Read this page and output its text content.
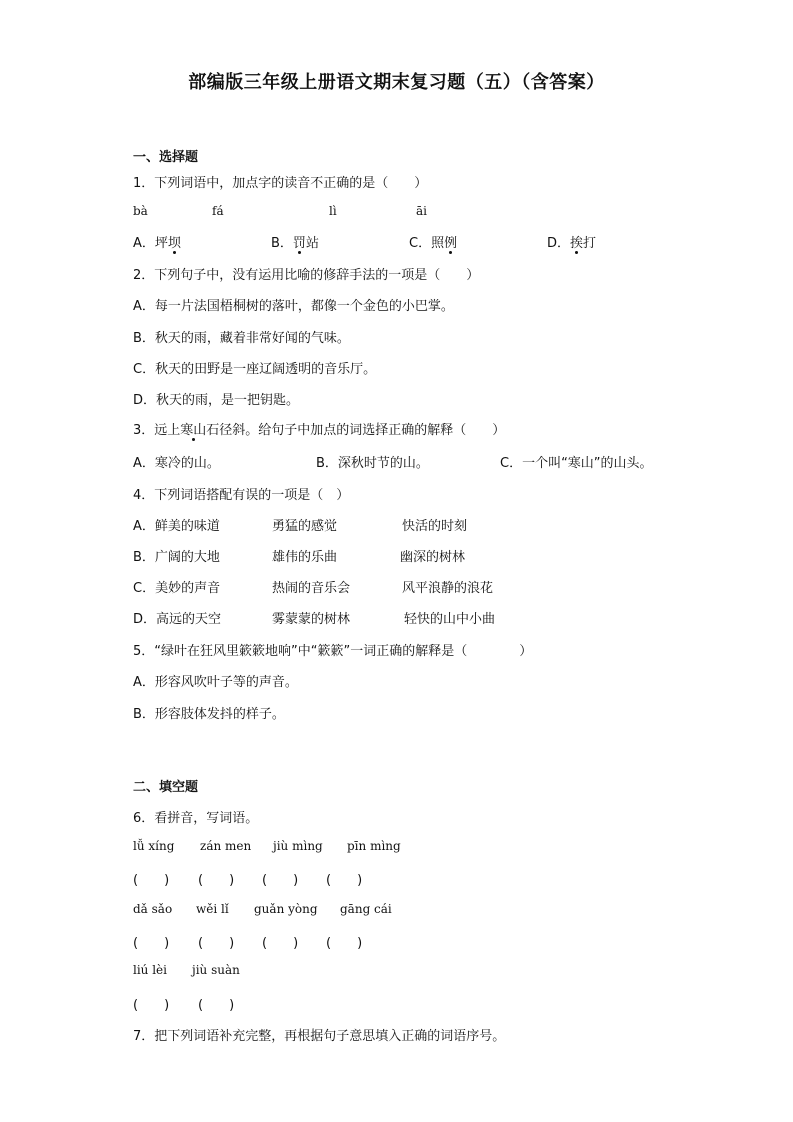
部编版三年级上册语文期末复习题（五）（含答案）
一、选择题
1．下列词语中，加点字的读音不正确的是（　　）
bà	fá	lì	āi
A．坪坝	B．罚站	C．照例	D．挨打
2．下列句子中，没有运用比喻的修辞手法的一项是（　　）
A．每一片法国梧桐树的落叶，都像一个金色的小巴掌。
B．秋天的雨，藏着非常好闻的气味。
C．秋天的田野是一座辽阔透明的音乐厅。
D．秋天的雨，是一把钥匙。
3．远上寒山石径斜。给句子中加点的词选择正确的解释（　　）
A．寒冷的山。	B．深秋时节的山。	C．一个叫“寒山”的山头。
4．下列词语搭配有误的一项是（　）
A．鲜美的味道	勇猛的感觉	快活的时刻
B．广阔的大地	雄伟的乐曲	幽深的树林
C．美妙的声音	热闹的音乐会	风平浪静的浪花
D．高远的天空	雾蒙蒙的树林	轻快的山中小曲
5．“绿叶在狂风里簌簌地响”中“簌簌”一词正确的解释是（　　　　）
A．形容风吹叶子等的声音。
B．形容肢体发抖的样子。
二、填空题
6．看拼音，写词语。
lǚ xíng zán men jiù mìng pīn mìng
(　　) (　　) (　　) (　　)
dǎ sǎo wěi lǐ guǎn yòng gāng cái
(　　) (　　) (　　) (　　)
liú lèi jiù suàn
(　　) (　　)
7．把下列词语补充完整，再根据句子意思填入正确的词语序号。
